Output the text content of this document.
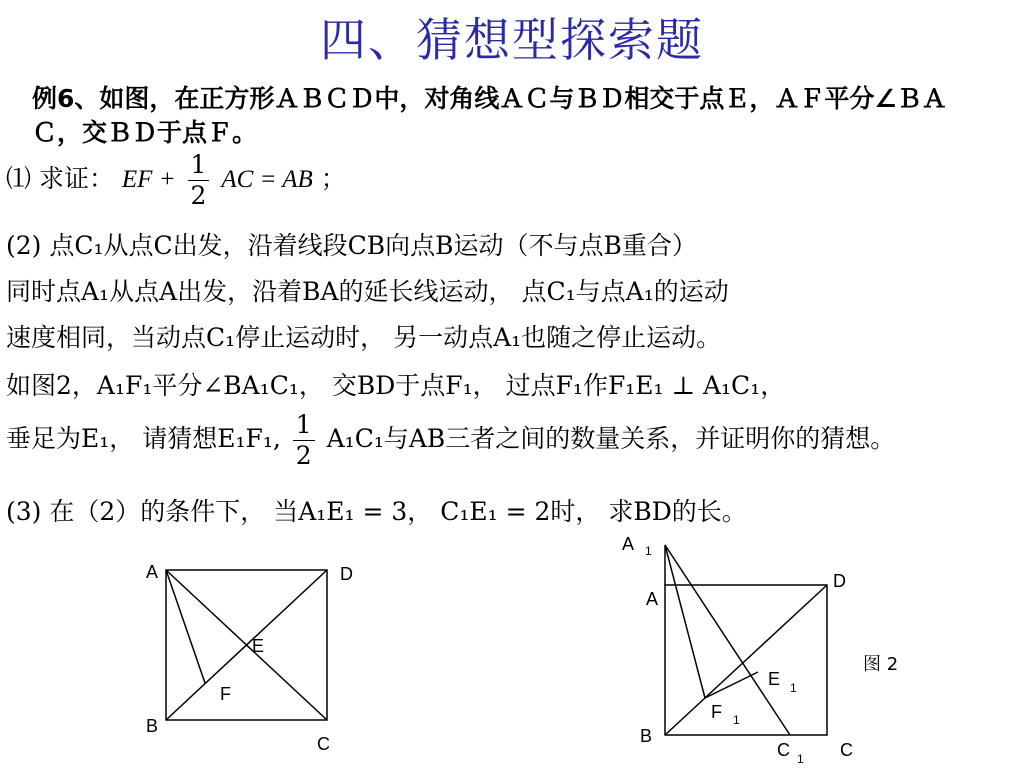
四、猜想型探索题
例6、如图，在正方形ＡＢＣＤ中，对角线ＡＣ与ＢＤ相交于点Ｅ，ＡＦ平分∠ＢＡＣ，交ＢＤ于点Ｆ。
⑴ 求证： EF + $\frac{1}{2}$ AC = AB ；
(2) 点C₁从点C出发，沿着线段CB向点B运动（不与点B重合）
同时点A₁从点A出发，沿着BA的延长线运动， 点C₁与点A₁的运动
速度相同，当动点C₁停止运动时， 另一动点A₁也随之停止运动。
如图2，A₁F₁平分∠BA₁C₁， 交BD于点F₁， 过点F₁作F₁E₁ ⊥ A₁C₁，
垂足为E₁， 请猜想E₁F₁, $\frac{1}{2} A_1C_1$与AB三者之间的数量关系，并证明你的猜想。
(3) 在（2）的条件下， 当A₁E₁ = 3， C₁E₁ = 2时， 求BD的长。
A	D
E
F
B
C
A 1
A
D
E 1
F 1
B
C 1 C
图 2
